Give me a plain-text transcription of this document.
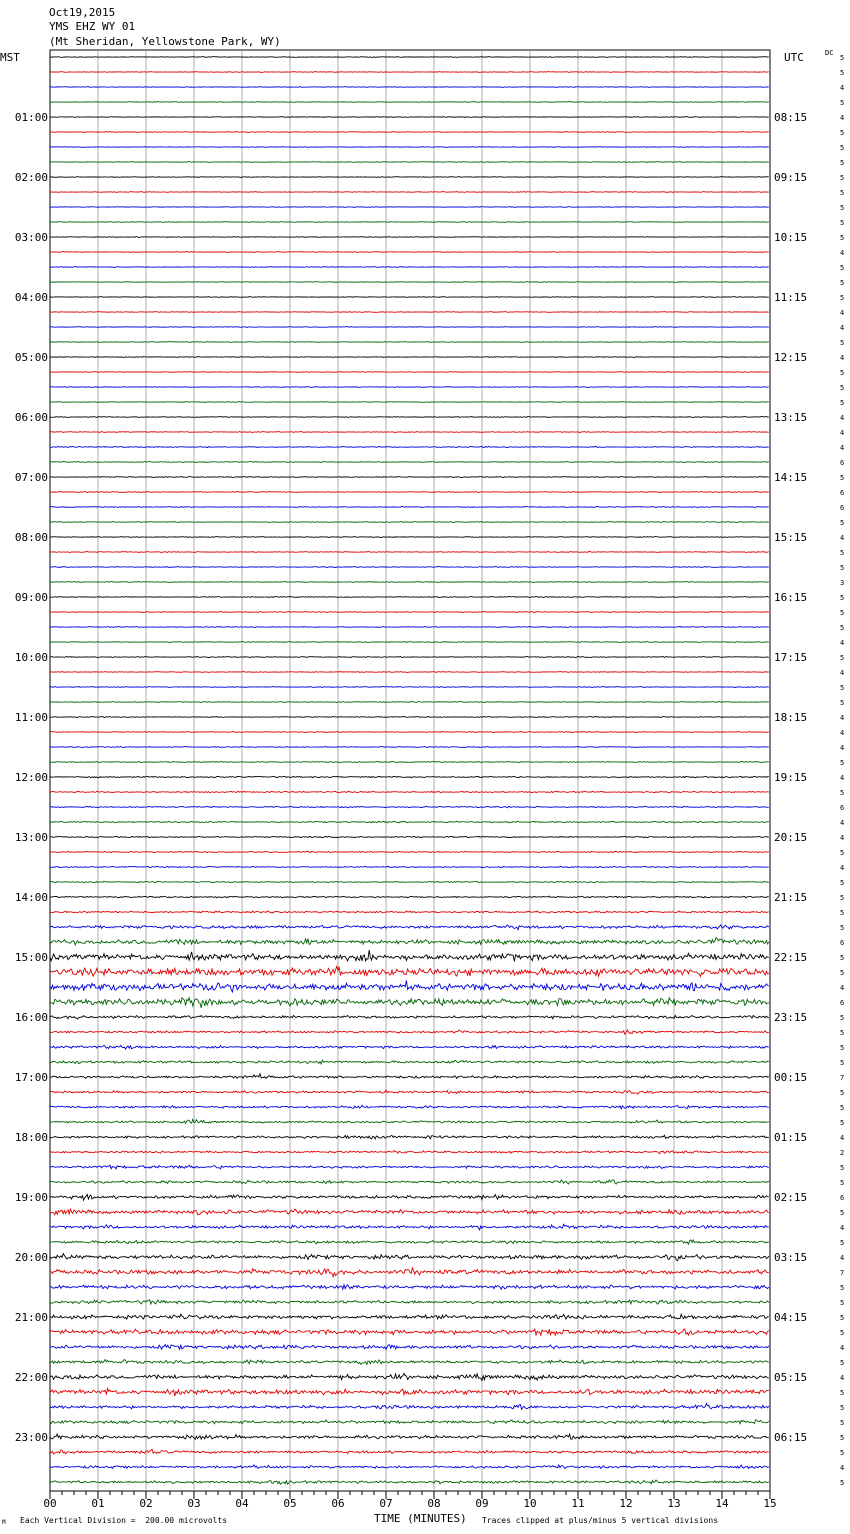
Oct19,2015
YMS EHZ WY 01
(Mt Sheridan, Yellowstone Park, WY)
MST	UTC	DC
00	01	02	03	04	05	06	07	08	09	10	11	12	13	14	15
5
5
4
5
01:00	08:15	4
5
5
5
02:00	09:15	5
5
5
5
03:00	10:15	5
4
5
5
04:00	11:15	5
4
4
5
05:00	12:15	4
5
5
5
06:00	13:15	4
4
4
6
07:00	14:15	5
6
6
5
08:00	15:15	4
5
5
3
09:00	16:15	5
5
5
4
10:00	17:15	5
4
5
5
11:00	18:15	4
4
4
5
12:00	19:15	4
5
6
4
13:00	20:15	4
5
4
5
14:00	21:15	5
5
5
6
15:00	22:15	5
5
4
6
16:00	23:15	5
5
5
5
17:00	00:15	7
5
5
5
18:00	01:15	4
2
5
5
19:00	02:15	6
5
4
5
20:00	03:15	4
7
5
5
21:00	04:15	5
5
4
5
22:00	05:15	4
5
5
5
23:00	06:15	5
5
4
5
TIME (MINUTES)
Each Vertical Division =  200.00 microvolts	Traces clipped at plus/minus 5 vertical divisions
M
